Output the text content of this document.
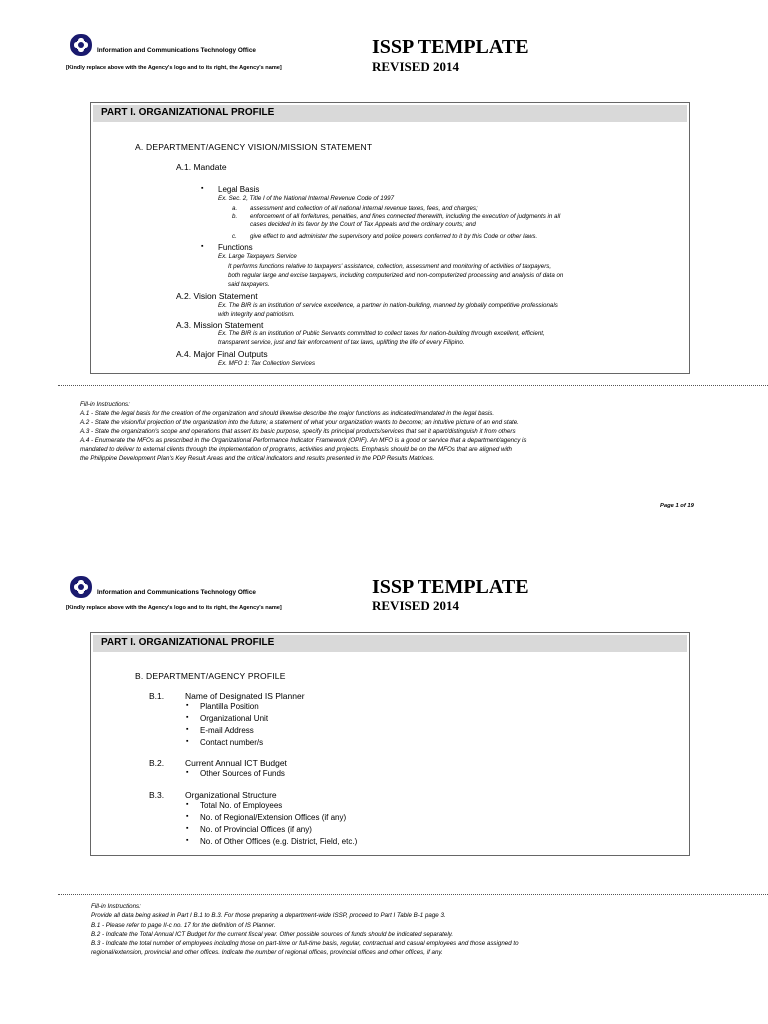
Information and Communications Technology Office
[Kindly replace above with the Agency's logo and to its right, the Agency's name]
ISSP TEMPLATE
REVISED 2014
PART I. ORGANIZATIONAL PROFILE
A. DEPARTMENT/AGENCY VISION/MISSION STATEMENT
A.1. Mandate
▪ Legal Basis
Ex. Sec. 2, Title I of the National Internal Revenue Code of 1997
a. assessment and collection of all national internal revenue taxes, fees, and charges;
b. enforcement of all forfeitures, penalties, and fines connected therewith, including the execution of judgments in all
cases decided in its favor by the Court of Tax Appeals and the ordinary courts; and
c. give effect to and administer the supervisory and police powers conferred to it by this Code or other laws.
▪ Functions
Ex. Large Taxpayers Service
It performs functions relative to taxpayers' assistance, collection, assessment and monitoring of activities of taxpayers,
both regular large and excise taxpayers, including computerized and non-computerized processing and analysis of data on
said taxpayers.
A.2. Vision Statement
Ex. The BIR is an institution of service excellence, a partner in nation-building, manned by globally competitive professionals
with integrity and patriotism.
A.3. Mission Statement
Ex. The BIR is an institution of Public Servants committed to collect taxes for nation-building through excellent, efficient,
transparent service, just and fair enforcement of tax laws, uplifting the life of every Filipino.
A.4. Major Final Outputs
Ex. MFO 1: Tax Collection Services
Fill-in Instructions:
A.1 - State the legal basis for the creation of the organization and should likewise describe the major functions as indicated/mandated in the legal basis.
A.2 - State the vision/ful projection of the organization into the future; a statement of what your organization wants to become; an intuitive picture of an end state.
A.3 - State the organization's scope and operations that assert its basic purpose, specify its principal products/services that set it apart/distinguish it from others
A.4 - Enumerate the MFOs as prescribed in the Organizational Performance Indicator Framework (OPIF). An MFO is a good or service that a department/agency is
mandated to deliver to external clients through the implementation of programs, activities and projects. Emphasis should be on the MFOs that are aligned with
the Philippine Development Plan's Key Result Areas and the critical indicators and results presented in the PDP Results Matrices.
Page 1 of 19
Information and Communications Technology Office
[Kindly replace above with the Agency's logo and to its right, the Agency's name]
ISSP TEMPLATE
REVISED 2014
PART I. ORGANIZATIONAL PROFILE
B. DEPARTMENT/AGENCY PROFILE
B.1. Name of Designated IS Planner
▪ Plantilla Position
▪ Organizational Unit
▪ E-mail Address
▪ Contact number/s
B.2. Current Annual ICT Budget
▪ Other Sources of Funds
B.3. Organizational Structure
▪ Total No. of Employees
▪ No. of Regional/Extension Offices (if any)
▪ No. of Provincial Offices (if any)
▪ No. of Other Offices (e.g. District, Field, etc.)
Fill-in Instructions:
Provide all data being asked in Part I B.1 to B.3. For those preparing a department-wide ISSP, proceed to Part I Table B-1 page 3.
B.1 - Please refer to page II-c no. 17 for the definition of IS Planner.
B.2 - Indicate the Total Annual ICT Budget for the current fiscal year. Other possible sources of funds should be indicated separately.
B.3 - Indicate the total number of employees including those on part-time or full-time basis, regular, contractual and casual employees and those assigned to
regional/extension, provincial and other offices. Indicate the number of regional offices, provincial offices and other offices, if any.
